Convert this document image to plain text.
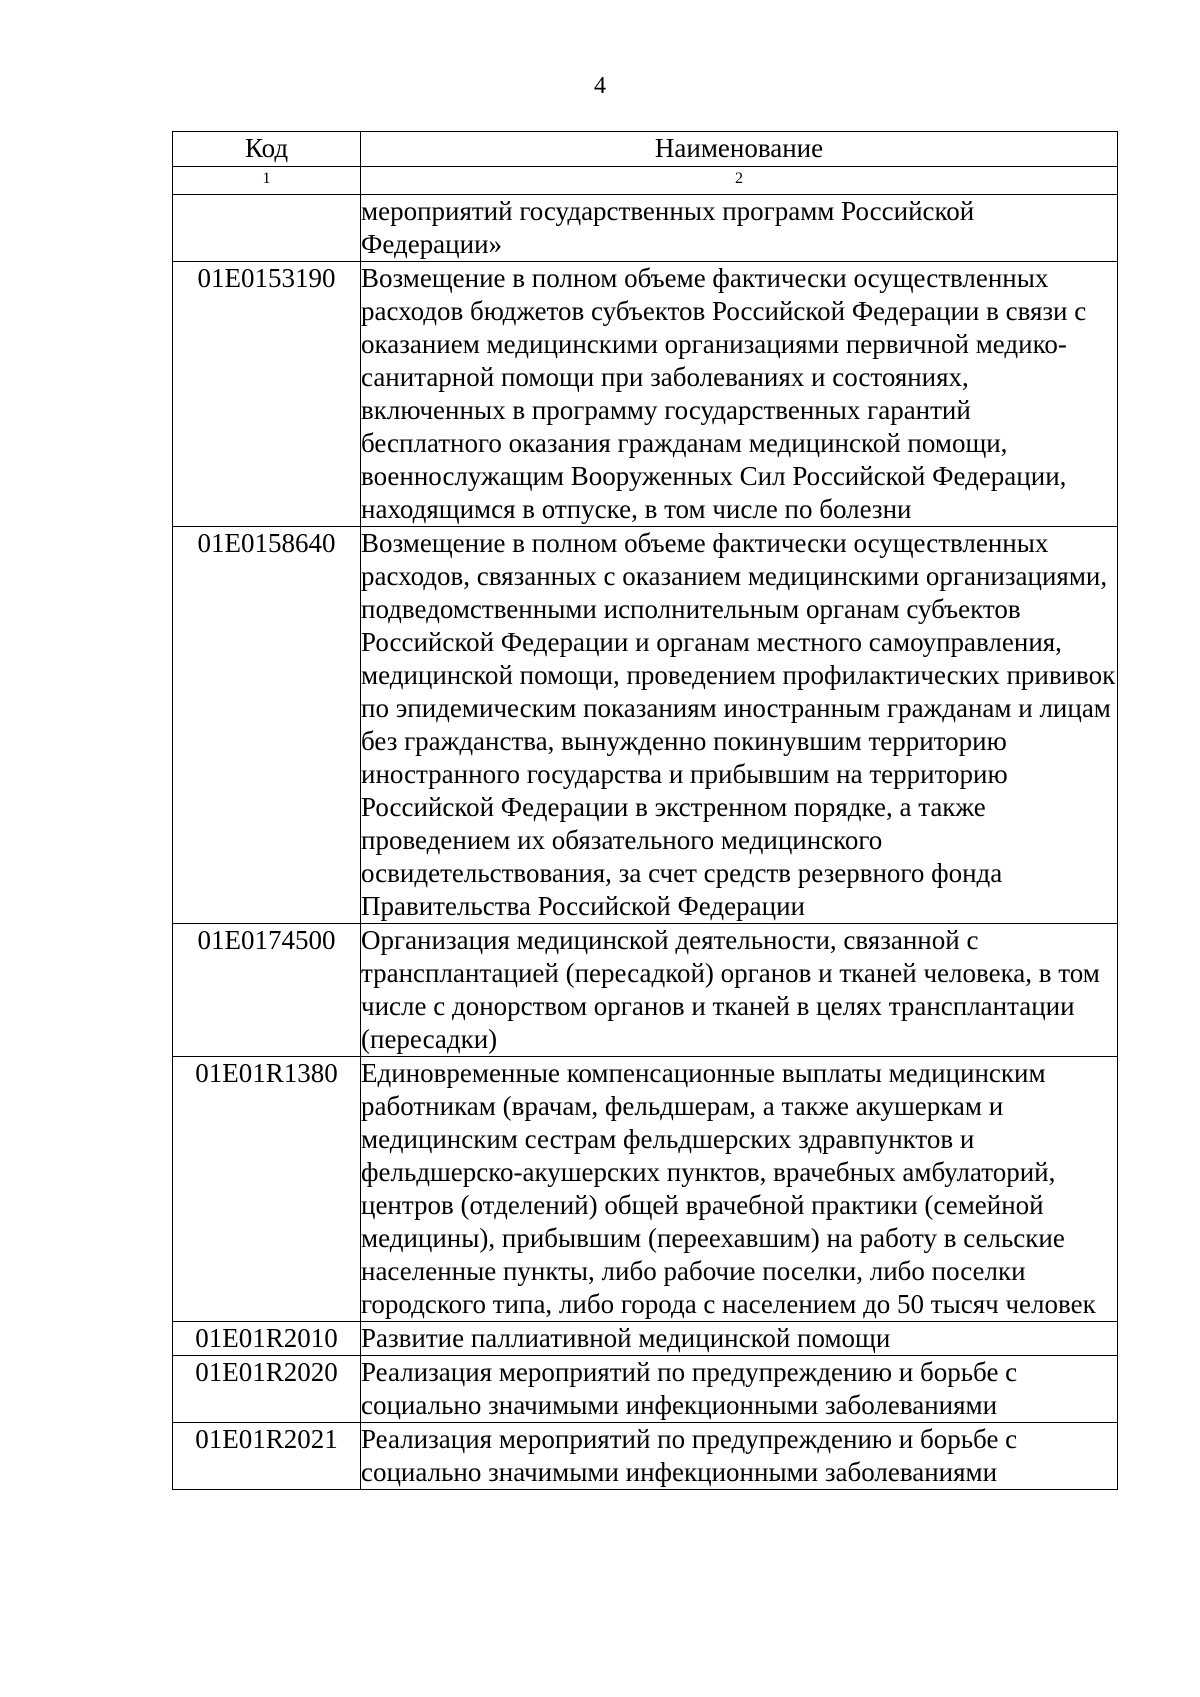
4
Код	Наименование
1	2
	мероприятий государственных программ Российской Федерации»
01Е0153190	Возмещение в полном объеме фактически осуществленных расходов бюджетов субъектов Российской Федерации в связи с оказанием медицинскими организациями первичной медико-санитарной помощи при заболеваниях и состояниях, включенных в программу государственных гарантий бесплатного оказания гражданам медицинской помощи, военнослужащим Вооруженных Сил Российской Федерации, находящимся в отпуске, в том числе по болезни
01Е0158640	Возмещение в полном объеме фактически осуществленных расходов, связанных с оказанием медицинскими организациями, подведомственными исполнительным органам субъектов Российской Федерации и органам местного самоуправления, медицинской помощи, проведением профилактических прививок по эпидемическим показаниям иностранным гражданам и лицам без гражданства, вынужденно покинувшим территорию иностранного государства и прибывшим на территорию Российской Федерации в экстренном порядке, а также проведением их обязательного медицинского освидетельствования, за счет средств резервного фонда Правительства Российской Федерации
01Е0174500	Организация медицинской деятельности, связанной с трансплантацией (пересадкой) органов и тканей человека, в том числе с донорством органов и тканей в целях трансплантации (пересадки)
01Е01R1380	Единовременные компенсационные выплаты медицинским работникам (врачам, фельдшерам, а также акушеркам и медицинским сестрам фельдшерских здравпунктов и фельдшерско-акушерских пунктов, врачебных амбулаторий, центров (отделений) общей врачебной практики (семейной медицины), прибывшим (переехавшим) на работу в сельские населенные пункты, либо рабочие поселки, либо поселки городского типа, либо города с населением до 50 тысяч человек
01Е01R2010	Развитие паллиативной медицинской помощи
01Е01R2020	Реализация мероприятий по предупреждению и борьбе с социально значимыми инфекционными заболеваниями
01Е01R2021	Реализация мероприятий по предупреждению и борьбе с социально значимыми инфекционными заболеваниями
